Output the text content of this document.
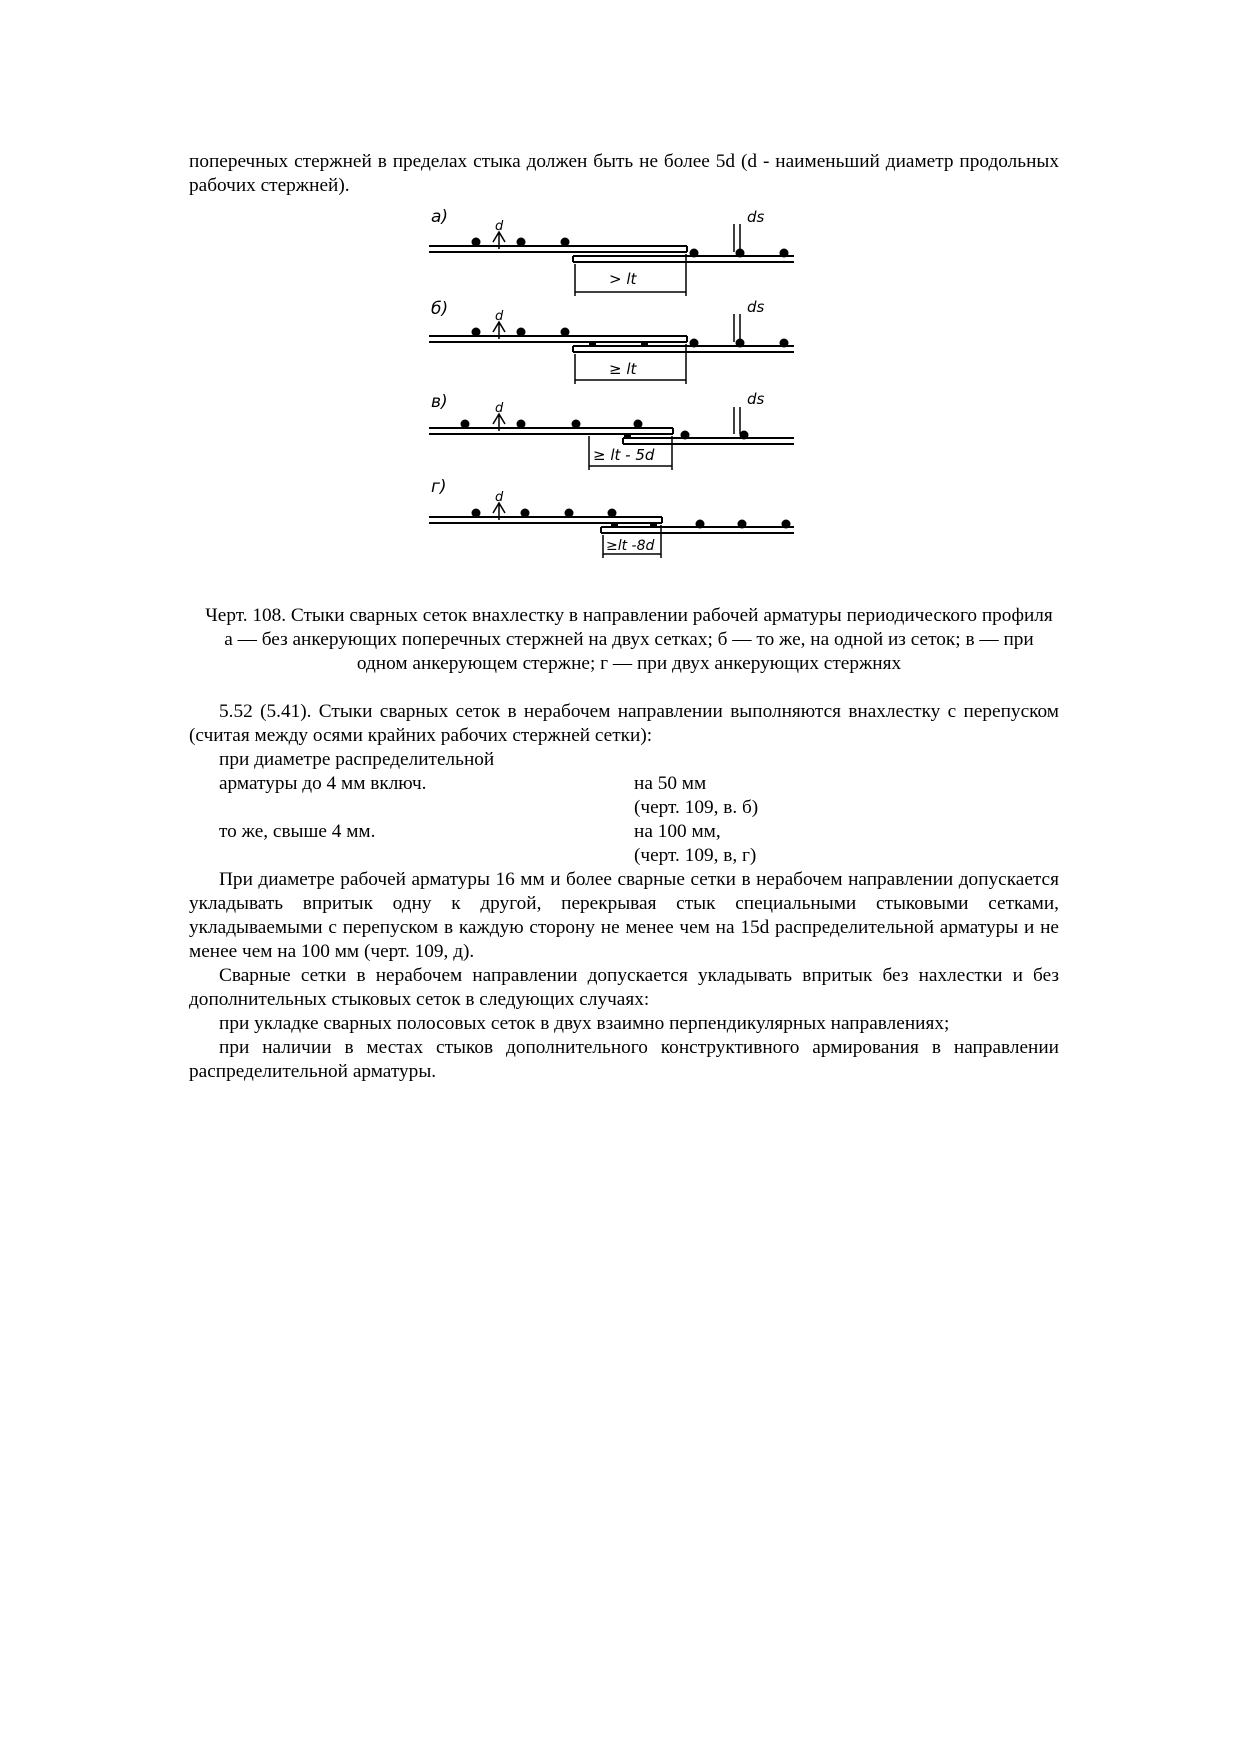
поперечных стержней в пределах стыка должен быть не более 5d (d - наименьший диаметр продольных рабочих стержней).

а)	d
ds
> lt
б)	d
ds
≥ lt
в)	d
ds
≥ lt - 5d
г)
d
≥lt -8d

Черт. 108. Стыки сварных сеток внахлестку в направлении рабочей арматуры периодического профиля

а — без анкерующих поперечных стержней на двух сетках; б — то же, на одной из сеток; в — при одном анкерующем стержне; г — при двух анкерующих стержнях

5.52 (5.41). Стыки сварных сеток в нерабочем направлении выполняются внахлестку с перепуском (считая между осями крайних рабочих стержней сетки):

при диаметре распределительной
арматуры до 4 мм включ.	на 50 мм
(черт. 109, в. б)
то же, свыше 4 мм.	на 100 мм,
(черт. 109, в, г)

При диаметре рабочей арматуры 16 мм и более сварные сетки в нерабочем направлении допускается укладывать впритык одну к другой, перекрывая стык специальными стыковыми сетками, укладываемыми с перепуском в каждую сторону не менее чем на 15d распределительной арматуры и не менее чем на 100 мм (черт. 109, д).

Сварные сетки в нерабочем направлении допускается укладывать впритык без нахлестки и без дополнительных стыковых сеток в следующих случаях:

при укладке сварных полосовых сеток в двух взаимно перпендикулярных направлениях;

при наличии в местах стыков дополнительного конструктивного армирования в направлении распределительной арматуры.
